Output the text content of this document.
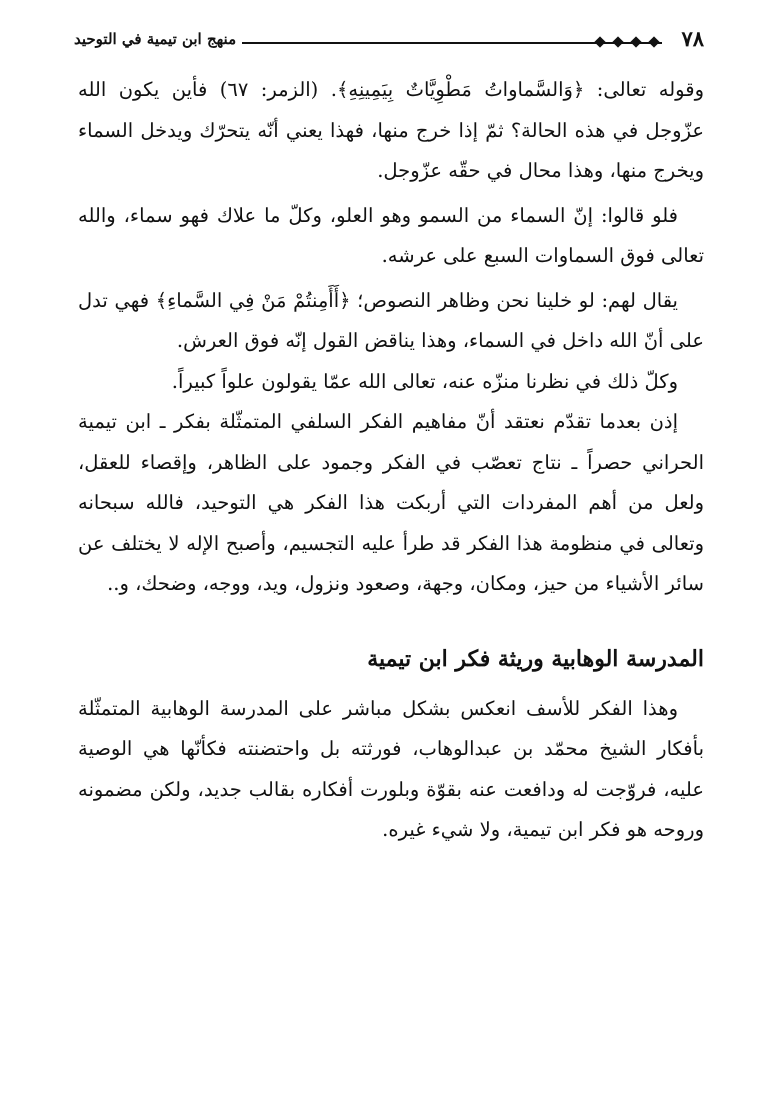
منهج ابن تيمية في التوحيد	٧٨

وقوله تعالى: ﴿وَالسَّماواتُ مَطْوِيَّاتٌ بِيَمِينِهِ﴾. (الزمر: ٦٧) فأين يكون الله عزّوجل في هذه الحالة؟ ثمّ إذا خرج منها، فهذا يعني أنّه يتحرّك ويدخل السماء ويخرج منها، وهذا محال في حقّه عزّوجل.

فلو قالوا: إنّ السماء من السمو وهو العلو، وكلّ ما علاك فهو سماء، والله تعالى فوق السماوات السبع على عرشه.

يقال لهم: لو خلينا نحن وظاهر النصوص؛ ﴿أَأَمِنتُمْ مَنْ فِي السَّماءِ﴾ فهي تدل على أنّ الله داخل في السماء، وهذا يناقض القول إنّه فوق العرش.

وكلّ ذلك في نظرنا منزّه عنه، تعالى الله عمّا يقولون علواً كبيراً.

إذن بعدما تقدّم نعتقد أنّ مفاهيم الفكر السلفي المتمثّلة بفكر ـ ابن تيمية الحراني حصراً ـ نتاج تعصّب في الفكر وجمود على الظاهر، وإقصاء للعقل، ولعل من أهم المفردات التي أربكت هذا الفكر هي التوحيد، فالله سبحانه وتعالى في منظومة هذا الفكر قد طرأ عليه التجسيم، وأصبح الإله لا يختلف عن سائر الأشياء من حيز، ومكان، وجهة، وصعود ونزول، ويد، ووجه، وضحك، و..

المدرسة الوهابية وريثة فكر ابن تيمية

وهذا الفكر للأسف انعكس بشكل مباشر على المدرسة الوهابية المتمثّلة بأفكار الشيخ محمّد بن عبدالوهاب، فورثته بل واحتضنته فكأنّها هي الوصية عليه، فروّجت له ودافعت عنه بقوّة وبلورت أفكاره بقالب جديد، ولكن مضمونه وروحه هو فكر ابن تيمية، ولا شيء غيره.
